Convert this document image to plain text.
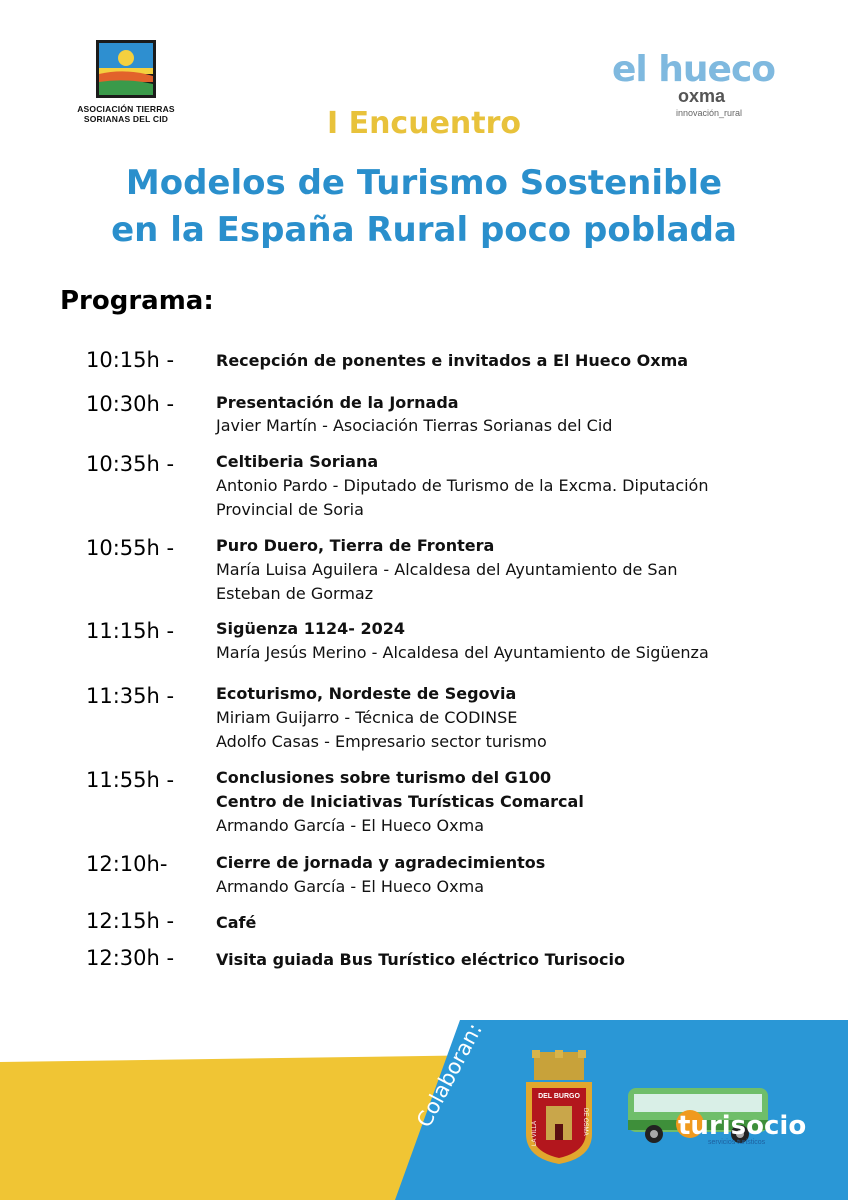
ASOCIACIÓN TIERRAS
SORIANAS DEL CID
el hueco
oxma
innovación_rural
I Encuentro
Modelos de Turismo Sostenible
en la España Rural poco poblada
Programa:
10:15h -	Recepción de ponentes e invitados a El Hueco Oxma
10:30h -	Presentación de la Jornada
Javier Martín - Asociación Tierras Sorianas del Cid
10:35h -	Celtiberia Soriana
Antonio Pardo - Diputado de Turismo de la Excma. Diputación
Provincial de Soria
10:55h -	Puro Duero, Tierra de Frontera
María Luisa Aguilera - Alcaldesa del Ayuntamiento de San
Esteban de Gormaz
11:15h -	Sigüenza 1124- 2024
María Jesús Merino - Alcaldesa del Ayuntamiento de Sigüenza
11:35h -	Ecoturismo, Nordeste de Segovia
Miriam Guijarro - Técnica de CODINSE
Adolfo Casas - Empresario sector turismo
11:55h -	Conclusiones sobre turismo del G100
Centro de Iniciativas Turísticas Comarcal
Armando García - El Hueco Oxma
12:10h-	Cierre de jornada y agradecimientos
Armando García - El Hueco Oxma
12:15h -	Café
12:30h -	Visita guiada Bus Turístico eléctrico Turisocio
Colaboran:	DEL BURGO
LA VILLA	DE OSMA	turisocio
servicios turísticos
